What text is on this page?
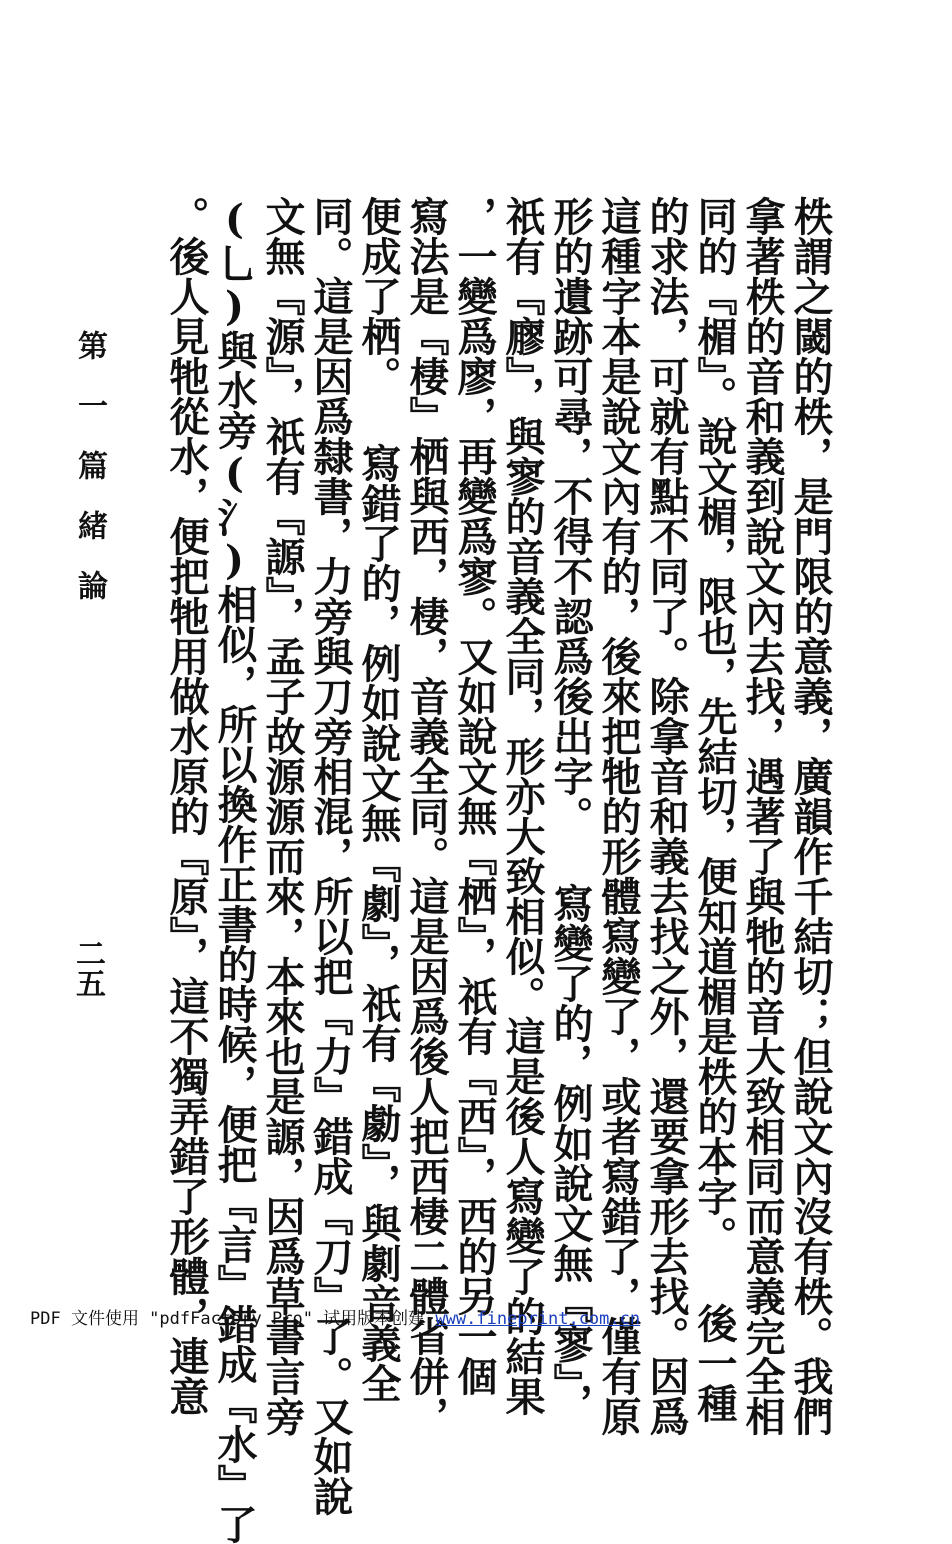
柣謂之閾的柣，是門限的意義，廣韻作千結切；但說文內沒有柣。我們
拿著柣的音和義到說文內去找，遇著了與牠的音大致相同而意義完全相
同的『楣』。說文楣，限也，先結切，便知道楣是柣的本字。 後一種
的求法，可就有點不同了。除拿音和義去找之外，還要拿形去找。因爲
這種字本是說文內有的，後來把牠的形體寫變了，或者寫錯了，僅有原
形的遺跡可尋，不得不認爲後出字。 寫變了的，例如說文無『寥』，
祇有『廫』，與寥的音義全同，形亦大致相似。這是後人寫變了的結果
，一變爲廖，再變爲寥。又如說文無『栖』，祇有『西』，西的另一個
寫法是『棲』栖與西，棲，音義全同。這是因爲後人把西棲二體省併，
便成了栖。 寫錯了的，例如說文無『劇』，祇有『勮』，與劇音義全
同。這是因爲隸書，力旁與刀旁相混，所以把『力』錯成『刀』了。又如說
文無『源』，祇有『謜』，孟子故源源而來，本來也是謜，因爲草書言旁
(乚)與水旁(氵)相似，所以換作正書的時候，便把『言』錯成『水』了
。後人見牠從水，便把牠用做水原的『原』，這不獨弄錯了形體，連意
第一篇緒論
二五
PDF 文件使用 "pdfFactory Pro" 试用版本创建 www.fineprint.com.cn
